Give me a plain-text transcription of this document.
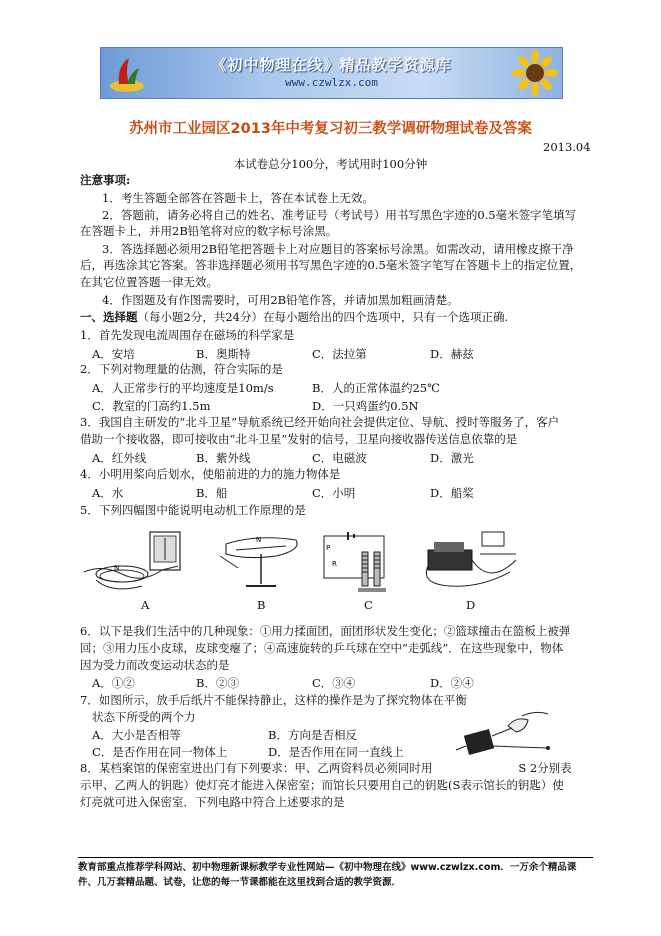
《初中物理在线》精品教学资源库
www.czwlzx.com
苏州市工业园区2013年中考复习初三教学调研物理试卷及答案
2013.04
本试卷总分100分，考试用时100分钟
注意事项:
1．考生答题全部答在答题卡上，答在本试卷上无效。
2．答题前，请务必将自己的姓名、准考证号（考试号）用书写黑色字迹的0.5毫米签字笔填写
在答题卡上，并用2B铅笔将对应的数字标号涂黑。
3．答选择题必须用2B铅笔把答题卡上对应题目的答案标号涂黑。如需改动，请用橡皮擦干净
后，再选涂其它答案。答非选择题必须用书写黑色字迹的0.5毫米签字笔写在答题卡上的指定位置，
在其它位置答题一律无效。
4．作图题及有作图需要时，可用2B铅笔作答，并请加黑加粗画清楚。
一、选择题（每小题2分，共24分）在每小题给出的四个选项中，只有一个选项正确.
1．首先发现电流周围存在磁场的科学家是
A．安培	B．奥斯特	C．法拉第	D．赫兹
2．下列对物理量的估测，符合实际的是
A．人正常步行的平均速度是10m/s	B．人的正常体温约25℃
C．教室的门高约1.5m	D．一只鸡蛋约0.5N
3．我国自主研发的“北斗卫星”导航系统已经开始向社会提供定位、导航、授时等服务了，客户
借助一个接收器，即可接收由“北斗卫星”发射的信号，卫星向接收器传送信息依靠的是
A．红外线	B．紫外线	C．电磁波	D．激光
4．小明用桨向后划水，使船前进的力的施力物体是
A．水	B．船	C．小明	D．船桨
5．下列四幅图中能说明电动机工作原理的是
N
A
N
B
P
R
C	D
6．以下是我们生活中的几种现象：①用力揉面团，面团形状发生变化；②篮球撞击在篮板上被弹
回；③用力压小皮球，皮球变瘪了；④高速旋转的乒乓球在空中“走弧线”．在这些现象中，物体
因为受力而改变运动状态的是
A．①②	B．②③	C．③④	D．②④
7．如图所示，放手后纸片不能保持静止，这样的操作是为了探究物体在平衡
状态下所受的两个力
A．大小是否相等	B．方向是否相反
C．是否作用在同一物体上	D．是否作用在同一直线上
8．某档案馆的保密室进出门有下列要求：甲、乙两资料员必须同时用	S 2分别表
示甲、乙两人的钥匙）使灯亮才能进入保密室；而馆长只要用自己的钥匙(S表示馆长的钥匙）使
灯亮就可进入保密室．下列电路中符合上述要求的是
教育部重点推荐学科网站、初中物理新课标教学专业性网站—《初中物理在线》www.czwlzx.com．一万余个精品课
件、几万套精品题、试卷，让您的每一节课都能在这里找到合适的教学资源．
